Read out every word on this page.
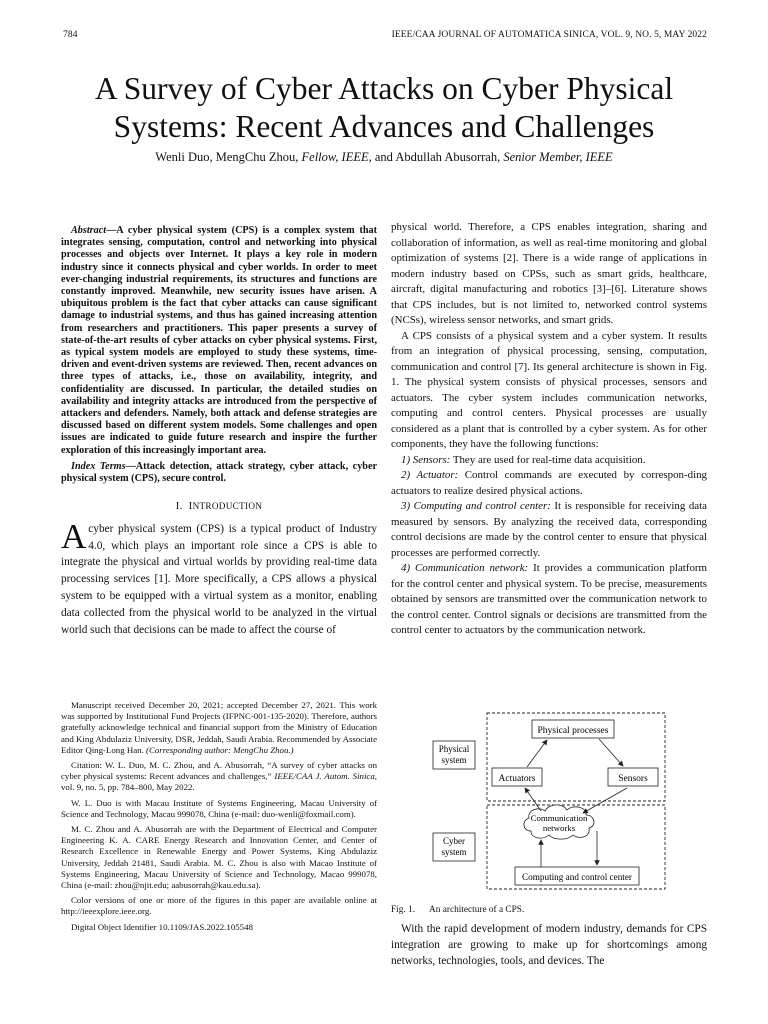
784	IEEE/CAA JOURNAL OF AUTOMATICA SINICA, VOL. 9, NO. 5, MAY 2022
A Survey of Cyber Attacks on Cyber Physical
Systems: Recent Advances and Challenges
Wenli Duo, MengChu Zhou, Fellow, IEEE, and Abdullah Abusorrah, Senior Member, IEEE

Abstract—A cyber physical system (CPS) is a complex system that integrates sensing, computation, control and networking into physical processes and objects over Internet. It plays a key role in modern industry since it connects physical and cyber worlds. In order to meet ever-changing industrial requirements, its structures and functions are constantly improved. Meanwhile, new security issues have arisen. A ubiquitous problem is the fact that cyber attacks can cause significant damage to industrial systems, and thus has gained increasing attention from researchers and practitioners. This paper presents a survey of state-of-the-art results of cyber attacks on cyber physical systems. First, as typical system models are employed to study these systems, time-driven and event-driven systems are reviewed. Then, recent advances on three types of attacks, i.e., those on availability, integrity, and confidentiality are discussed. In particular, the detailed studies on availability and integrity attacks are introduced from the perspective of attackers and defenders. Namely, both attack and defense strategies are discussed based on different system models. Some challenges and open issues are indicated to guide future research and inspire the further exploration of this increasingly important area.

Index Terms—Attack detection, attack strategy, cyber attack, cyber physical system (CPS), secure control.

I. INTRODUCTION

Acyber physical system (CPS) is a typical product of Industry 4.0, which plays an important role since a CPS is able to integrate the physical and virtual worlds by providing real-time data processing services [1]. More specifically, a CPS allows a physical system to be equipped with a virtual system as a monitor, enabling data collected from the physical world to be analyzed in the virtual world such that decisions can be made to affect the course of

Manuscript received December 20, 2021; accepted December 27, 2021. This work was supported by Institutional Fund Projects (IFPNC-001-135-2020). Therefore, authors gratefully acknowledge technical and financial support from the Ministry of Education and King Abdulaziz University, DSR, Jeddah, Saudi Arabia. Recommended by Associate Editor Qing-Long Han. (Corresponding author: MengChu Zhou.)

Citation: W. L. Duo, M. C. Zhou, and A. Abusorrah, “A survey of cyber attacks on cyber physical systems: Recent advances and challenges,” IEEE/CAA J. Autom. Sinica, vol. 9, no. 5, pp. 784–800, May 2022.

W. L. Duo is with Macau Institute of Systems Engineering, Macau University of Science and Technology, Macau 999078, China (e-mail: duo-wenli@foxmail.com).

M. C. Zhou and A. Abusorrah are with the Department of Electrical and Computer Engineering K. A. CARE Energy Research and Innovation Center, and Center of Research Excellence in Renewable Energy and Power Systems, King Abdulaziz University, Jeddah 21481, Saudi Arabia. M. C. Zhou is also with Macao Institute of Systems Engineering, Macau University of Science and Technology, Macao 999078, China (e-mail: zhou@njit.edu; aabusorrah@kau.edu.sa).

Color versions of one or more of the figures in this paper are available online at http://ieeexplore.ieee.org.

Digital Object Identifier 10.1109/JAS.2022.105548

physical world. Therefore, a CPS enables integration, sharing and collaboration of information, as well as real-time monitoring and global optimization of systems [2]. There is a wide range of applications in modern industry based on CPSs, such as smart grids, healthcare, aircraft, digital manufacturing and robotics [3]–[6]. Literature shows that CPS includes, but is not limited to, networked control systems (NCSs), wireless sensor networks, and smart grids.

A CPS consists of a physical system and a cyber system. It results from an integration of physical processing, sensing, computation, communication and control [7]. Its general architecture is shown in Fig. 1. The physical system consists of physical processes, sensors and actuators. The cyber system includes communication networks, computing and control centers. Physical processes are usually considered as a plant that is controlled by a cyber system. As for other components, they have the following functions:

1) Sensors: They are used for real-time data acquisition.

2) Actuator: Control commands are executed by correspon-ding actuators to realize desired physical actions.

3) Computing and control center: It is responsible for receiving data measured by sensors. By analyzing the received data, corresponding control decisions are made by the control center to ensure that physical processes are performed correctly.

4) Communication network: It provides a communication platform for the control center and physical system. To be precise, measurements obtained by sensors are transmitted over the communication network to the control center. Control signals or decisions are transmitted from the control center to actuators by the communication network.

Physical system
Cyber system
Physical processes
Actuators	Sensors
Communication networks
Computing and control center
Fig. 1. An architecture of a CPS.

With the rapid development of modern industry, demands for CPS integration are growing to make up for shortcomings among networks, technologies, tools, and devices. The
